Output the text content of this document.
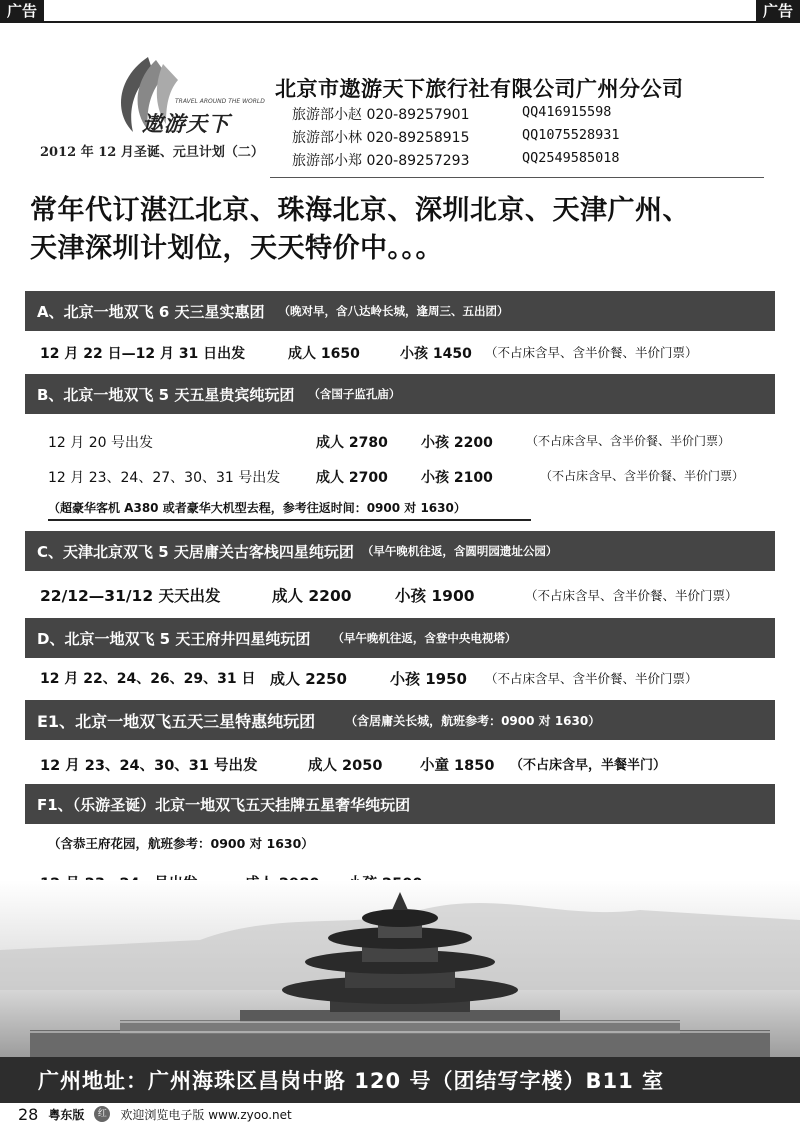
广告	广告
TRAVEL AROUND THE WORLD
遨游天下
2012 年 12 月圣诞、元旦计划（二）
北京市遨游天下旅行社有限公司广州分公司
旅游部小赵 020-89257901	QQ416915598
旅游部小林 020-89258915	QQ1075528931
旅游部小郑 020-89257293	QQ2549585018
常年代订湛江北京、珠海北京、深圳北京、天津广州、
天津深圳计划位，天天特价中。。。
A、北京一地双飞 6 天三星实惠团 （晚对早，含八达岭长城，逢周三、五出团）
12 月 22 日—12 月 31 日出发	成人 1650	小孩 1450 （不占床含早、含半价餐、半价门票）
B、北京一地双飞 5 天五星贵宾纯玩团 （含国子监孔庙）
12 月 20 号出发	成人 2780 小孩 2200	（不占床含早、含半价餐、半价门票）
12 月 23、24、27、30、31 号出发	成人 2700 小孩 2100	（不占床含早、含半价餐、半价门票）
（超豪华客机 A380 或者豪华大机型去程，参考往返时间：0900 对 1630）
C、天津北京双飞 5 天居庸关古客栈四星纯玩团 （早午晚机往返，含圆明园遗址公园）
22/12—31/12 天天出发	成人 2200	小孩 1900	（不占床含早、含半价餐、半价门票）
D、北京一地双飞 5 天王府井四星纯玩团 （早午晚机往返，含登中央电视塔）
12 月 22、24、26、29、31 日 成人 2250	小孩 1950 （不占床含早、含半价餐、半价门票）
E1、北京一地双飞五天三星特惠纯玩团	（含居庸关长城，航班参考：0900 对 1630）
12 月 23、24、30、31 号出发	成人 2050	小童 1850 （不占床含早，半餐半门）
F1、（乐游圣诞）北京一地双飞五天挂牌五星奢华纯玩团
（含恭王府花园，航班参考：0900 对 1630）
广州地址：广州海珠区昌岗中路 120 号（团结写字楼）B11 室
28 粤东版	红 欢迎浏览电子版 www.zyoo.net
